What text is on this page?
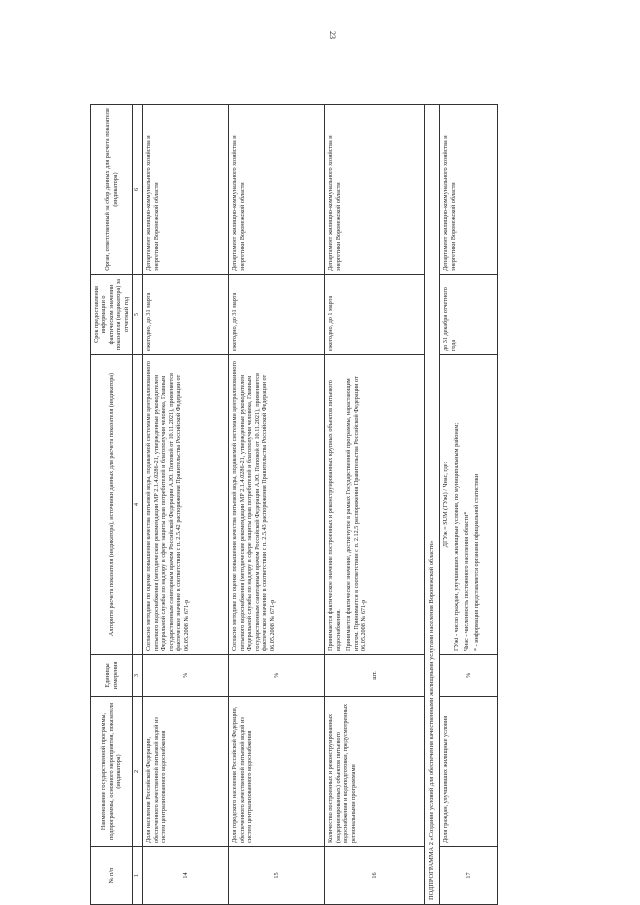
23
№ п/п	Наименование государственной программы, подпрограммы, основного мероприятия, показателя (индикатора)	Единицы измерения	Алгоритм расчета показателя (индикатора), источники данных для расчета показателя (индикатора)	Срок предоставления информации о фактическом значении показателя (индикатора) за отчетный год	Орган, ответственный за сбор данных для расчета показателя (индикатора)
1	2	3	4	5	6
14	Доля населения Российской Федерации, обеспеченного качественной питьевой водой из систем централизованного водоснабжения	%	Согласно методике по оценке повышения качества питьевой воды, подаваемой системами централизованного питьевого водоснабжения (методические рекомендации МР 2.1.4.0286-21, утвержденные руководителем Федеральной службы по надзору в сфере защиты прав потребителей и благополучия человека, Главным государственным санитарным врачом Российской Федерации А.Ю. Поповой от 10.11.2021), применяется фактическое значение в соответствии с п. 2.5.42 распоряжения Правительства Российской Федерации от 06.05.2008 № 671-р	ежегодно, до 31 марта	Департамент жилищно-коммунального хозяйства и энергетики Воронежской области
15	Доля городского населения Российской Федерации, обеспеченного качественной питьевой водой из систем централизованного водоснабжения	%	Согласно методике по оценке повышения качества питьевой воды, подаваемой системами централизованного питьевого водоснабжения (методические рекомендации МР 2.1.4.0286-21, утвержденные руководителем Федеральной службы по надзору в сфере защиты прав потребителей и благополучия человека, Главным государственным санитарным врачом Российской Федерации А.Ю. Поповой от 10.11.2021), применяется фактическое значение в соответствии с п. 2.5.43 распоряжения Правительства Российской Федерации от 06.05.2008 № 671-р	ежегодно, до 31 марта	Департамент жилищно-коммунального хозяйства и энергетики Воронежской области
16	Количество построенных и реконструированных (модернизированных) объектов питьевого водоснабжения и водоподготовки, предусмотренных региональными программами	шт.	Принимается фактическое значение построенных и реконструированных крупных объектов питьевого водоснабжения. Принимается фактическое значение, достигнутое в рамках Государственной программы, нарастающим итогом. Принимается в соответствии с п. 2.12.5 распоряжения Правительства Российской Федерации от 06.05.2008 № 671-р	ежегодно, до 1 марта	Департамент жилищно-коммунального хозяйства и энергетики Воронежской области
ПОДПРОГРАММА 2 «Создание условий для обеспечения качественными жилищными услугами населения Воронежской области»					
17	Доля граждан, улучшивших жилищные условия	%	ДГУж = SUM (ГУжi) / Чнас, где: ГУжi - число граждан, улучшивших жилищные условия, по муниципальным районам; Чнас - численность постоянного населения области* * - информация представляется органами официальной статистики	до 31 декабря отчетного года	Департамент жилищно-коммунального хозяйства и энергетики Воронежской области
